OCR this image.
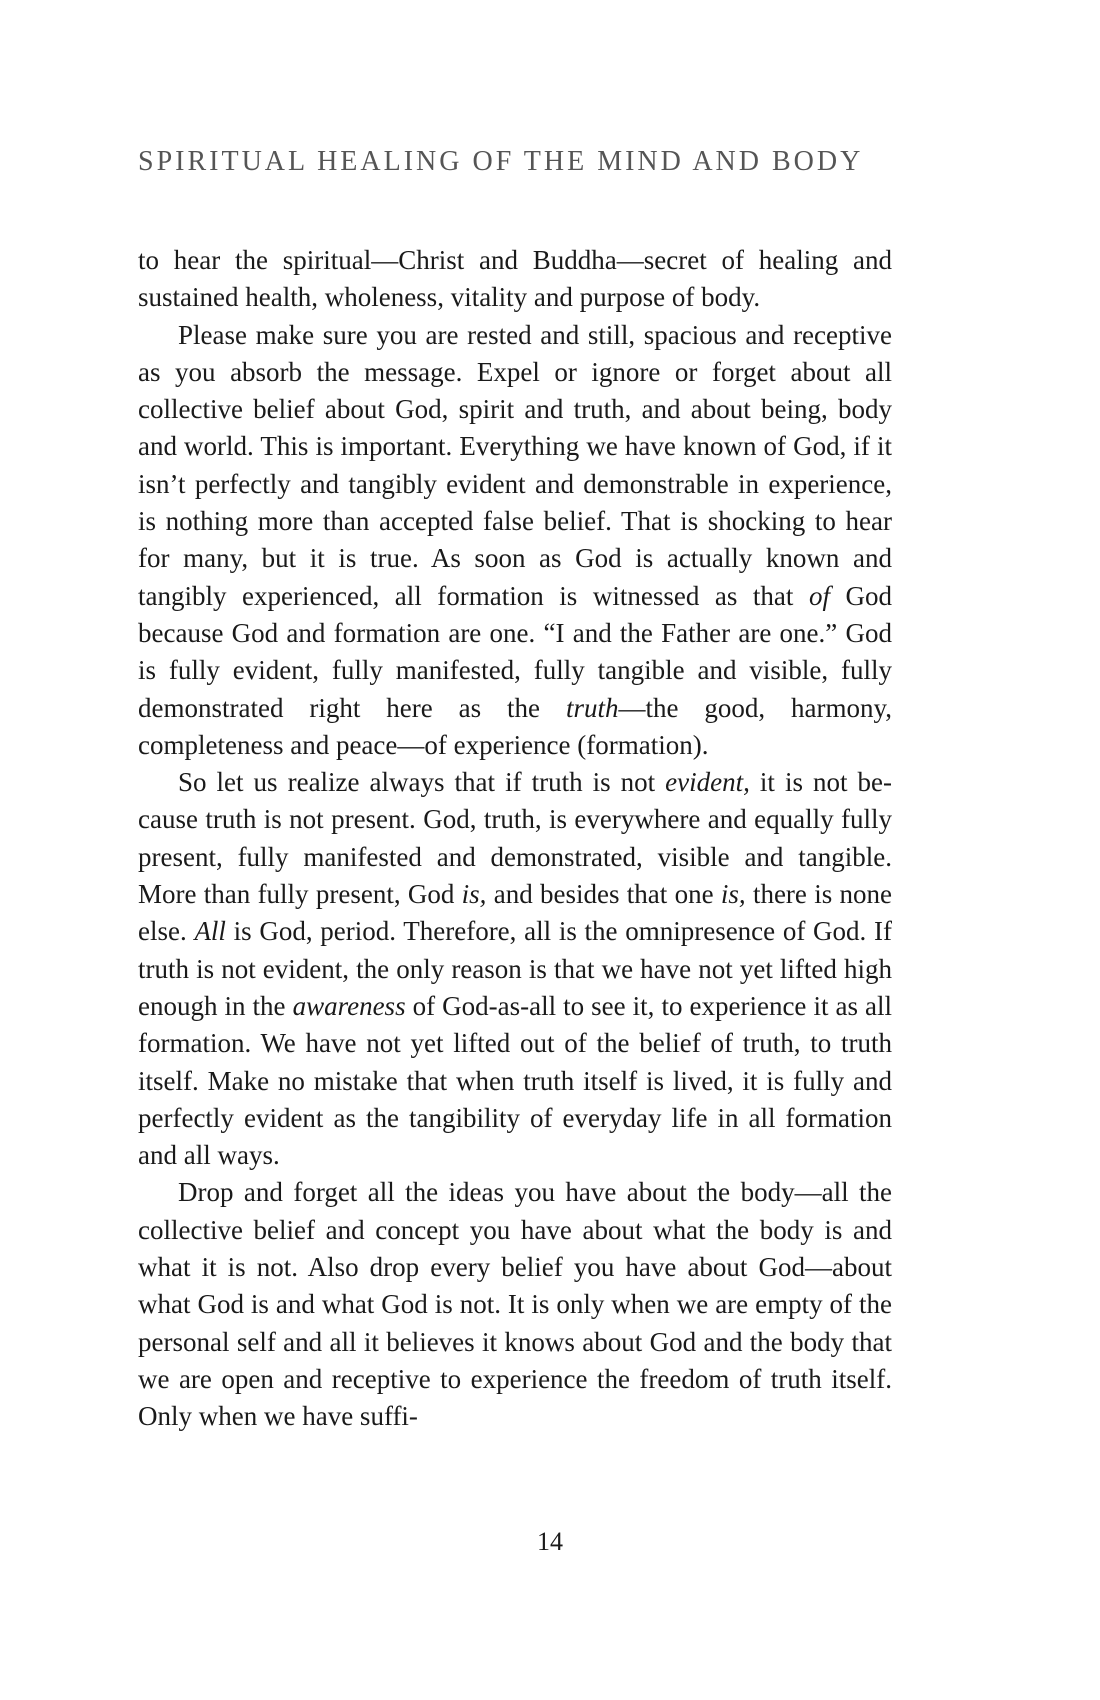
SPIRITUAL HEALING OF THE MIND AND BODY

to hear the spiritual—Christ and Buddha—secret of healing and sustained health, wholeness, vitality and purpose of body.

Please make sure you are rested and still, spacious and receptive as you absorb the message. Expel or ignore or forget about all collective belief about God, spirit and truth, and about being, body and world. This is important. Everything we have known of God, if it isn’t perfectly and tangibly evident and demonstrable in experience, is nothing more than accepted false belief. That is shocking to hear for many, but it is true. As soon as God is actually known and tangibly experienced, all formation is witnessed as that of God because God and formation are one. “I and the Father are one.” God is fully evident, fully manifested, fully tangible and visible, fully demonstrated right here as the truth—the good, harmony, completeness and peace—of experience (formation).

So let us realize always that if truth is not evident, it is not because truth is not present. God, truth, is everywhere and equally fully present, fully manifested and demonstrated, visible and tangible. More than fully present, God is, and besides that one is, there is none else. All is God, period. Therefore, all is the omnipresence of God. If truth is not evident, the only reason is that we have not yet lifted high enough in the awareness of God-as-all to see it, to experience it as all formation. We have not yet lifted out of the belief of truth, to truth itself. Make no mistake that when truth itself is lived, it is fully and perfectly evident as the tangibility of everyday life in all formation and all ways.

Drop and forget all the ideas you have about the body—all the collective belief and concept you have about what the body is and what it is not. Also drop every belief you have about God—about what God is and what God is not. It is only when we are empty of the personal self and all it believes it knows about God and the body that we are open and receptive to experience the freedom of truth itself. Only when we have suffi-

14
